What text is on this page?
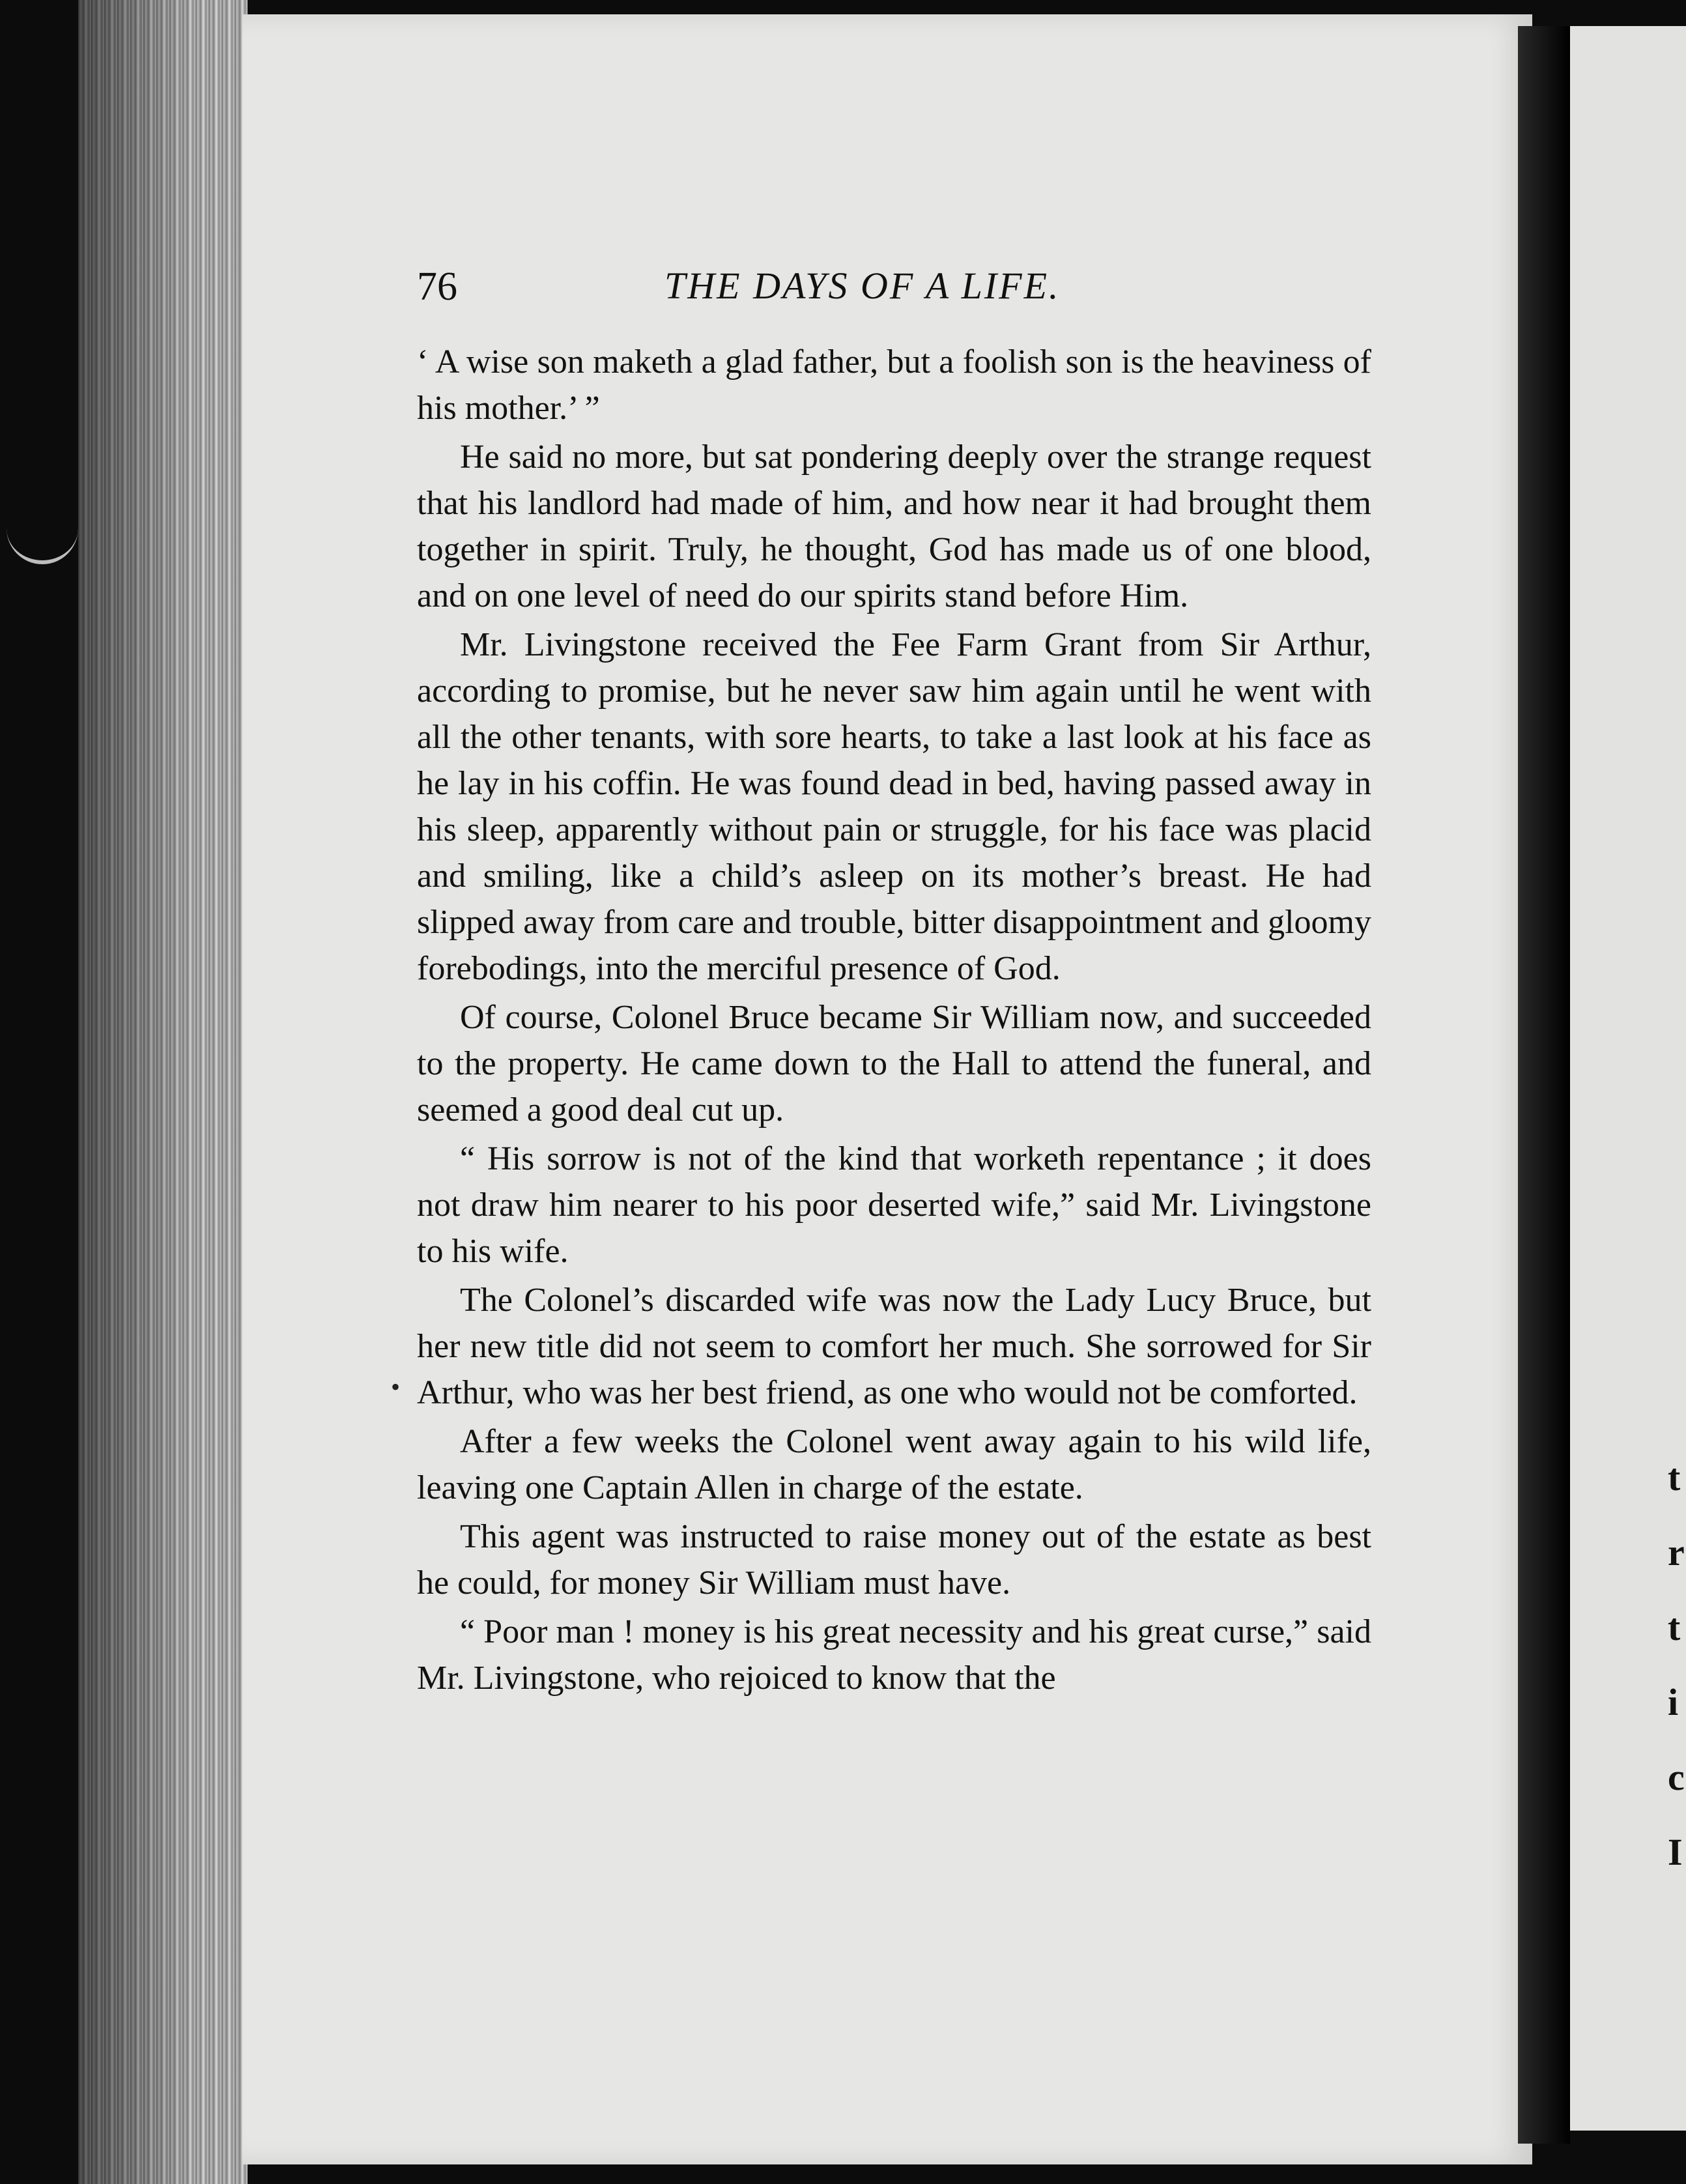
t
r
t
i
c
I
76	THE DAYS OF A LIFE.

‘ A wise son maketh a glad father, but a foolish son is the heaviness of his mother.’ ”

He said no more, but sat pondering deeply over the strange request that his landlord had made of him, and how near it had brought them together in spirit. Truly, he thought, God has made us of one blood, and on one level of need do our spirits stand before Him.

Mr. Livingstone received the Fee Farm Grant from Sir Arthur, according to promise, but he never saw him again until he went with all the other tenants, with sore hearts, to take a last look at his face as he lay in his coffin. He was found dead in bed, having passed away in his sleep, apparently without pain or struggle, for his face was placid and smiling, like a child’s asleep on its mother’s breast. He had slipped away from care and trouble, bitter disappointment and gloomy forebodings, into the merciful presence of God.

Of course, Colonel Bruce became Sir William now, and succeeded to the property. He came down to the Hall to attend the funeral, and seemed a good deal cut up.

“ His sorrow is not of the kind that worketh repentance ; it does not draw him nearer to his poor deserted wife,” said Mr. Livingstone to his wife.

The Colonel’s discarded wife was now the Lady Lucy Bruce, but her new title did not seem to comfort her much. She sorrowed for Sir Arthur, who was her best friend, as one who would not be comforted.

After a few weeks the Colonel went away again to his wild life, leaving one Captain Allen in charge of the estate.

This agent was instructed to raise money out of the estate as best he could, for money Sir William must have.

“ Poor man ! money is his great necessity and his great curse,” said Mr. Livingstone, who rejoiced to know that the

•
